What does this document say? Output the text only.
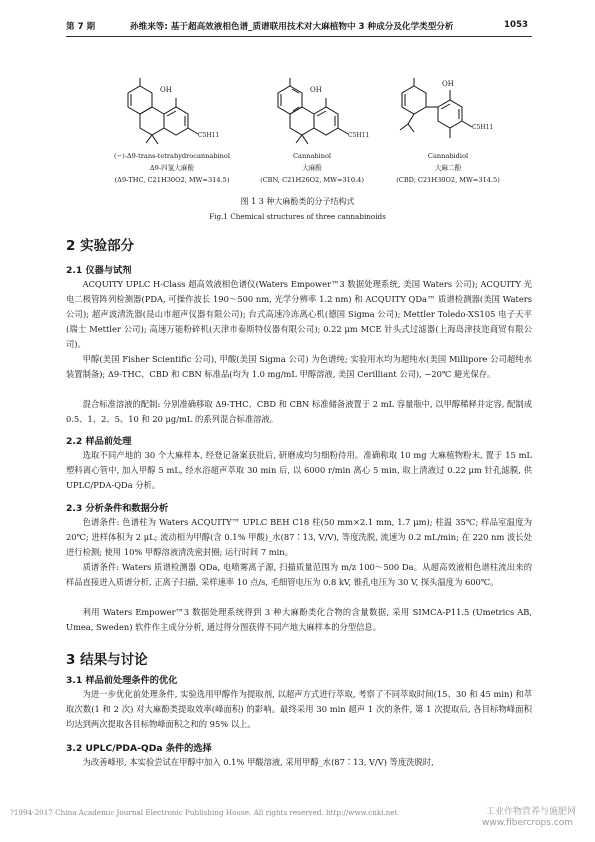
第 7 期	孙维来等: 基于超高效液相色谱_质谱联用技术对大麻植物中 3 种成分及化学类型分析	1053
OH
C5H11
OH
C5H11
OH
C5H11
(−)-Δ9-trans-tetrahydrocannabinol
Δ9-四氢大麻酚
(Δ9-THC, C21H30O2, MW=314.5)
Cannabinol
大麻酚
(CBN, C21H26O2, MW=310.4)
Cannabidiol
大麻二酚
(CBD, C21H30O2, MW=314.5)
图 1 3 种大麻酚类的分子结构式
Fig.1 Chemical structures of three cannabinoids
2 实验部分
2.1 仪器与试剂

ACQUITY UPLC H-Class 超高效液相色谱仪(Waters Empower™3 数据处理系统, 美国 Waters 公司); ACQUITY 光电二极管阵列检测器(PDA, 可操作波长 190～500 nm, 光学分辨率 1.2 nm) 和 ACQUITY QDa™ 质谱检测器(美国 Waters 公司); 超声波清洗器(昆山市超声仪器有限公司); 台式高速冷冻离心机(德国 Sigma 公司); Mettler Toledo-XS105 电子天平(瑞士 Mettler 公司); 高速万能粉碎机(天津市泰斯特仪器有限公司); 0.22 μm MCE 针头式过滤器(上海岛津技迩商贸有限公司)。

甲醇(美国 Fisher Scientific 公司), 甲酸(美国 Sigma 公司) 为色谱纯; 实验用水均为超纯水(美国 Millipore 公司超纯水装置制备); Δ9-THC、CBD 和 CBN 标准品(均为 1.0 mg/mL 甲醇溶液, 美国 Cerilliant 公司), −20℃ 避光保存。

混合标准溶液的配制: 分别准确移取 Δ9-THC、CBD 和 CBN 标准储备液置于 2 mL 容量瓶中, 以甲醇稀释并定容, 配制成 0.5、1、2、5、10 和 20 μg/mL 的系列混合标准溶液。

2.2 样品前处理

选取不同产地的 30 个大麻样本, 经登记备案获批后, 研磨成均匀细粉待用。准确称取 10 mg 大麻植物粉末, 置于 15 mL 塑料离心管中, 加入甲醇 5 mL, 经水浴超声萃取 30 min 后, 以 6000 r/min 离心 5 min, 取上清液过 0.22 μm 针孔滤膜, 供 UPLC/PDA-QDa 分析。

2.3 分析条件和数据分析

色谱条件: 色谱柱为 Waters ACQUITY™ UPLC BEH C18 柱(50 mm×2.1 mm, 1.7 μm); 柱温 35℃; 样品室温度为 20℃; 进样体积为 2 μL; 流动相为甲醇(含 0.1% 甲酸)_水(87∶13, V/V), 等度洗脱, 流速为 0.2 mL/min; 在 220 nm 波长处进行检测; 使用 10% 甲醇溶液清洗密封圈; 运行时间 7 min。

质谱条件: Waters 质谱检测器 QDa, 电喷雾离子源, 扫描质量范围为 m/z 100～500 Da。从超高效液相色谱柱流出来的样品直接进入质谱分析, 正离子扫描, 采样速率 10 点/s, 毛细管电压为 0.8 kV, 锥孔电压为 30 V, 探头温度为 600℃。

利用 Waters Empower™3 数据处理系统得到 3 种大麻酚类化合物的含量数据, 采用 SIMCA-P11.5 (Umetrics AB, Umea, Sweden) 软件作主成分分析, 通过得分图获得不同产地大麻样本的分型信息。

3 结果与讨论
3.1 样品前处理条件的优化

为进一步优化前处理条件, 实验选用甲醇作为提取剂, 以超声方式进行萃取, 考察了不同萃取时间(15、30 和 45 min) 和萃取次数(1 和 2 次) 对大麻酚类提取效率(峰面积) 的影响。最终采用 30 min 超声 1 次的条件, 第 1 次提取后, 各目标物峰面积均达到两次提取各目标物峰面积之和的 95% 以上。

3.2 UPLC/PDA-QDa 条件的选择

为改善峰形, 本实验尝试在甲醇中加入 0.1% 甲酸溶液, 采用甲醇_水(87∶13, V/V) 等度洗脱时,

?1994-2017 China Academic Journal Electronic Publishing House. All rights reserved. http://www.cnki.net	工业作物营养与施肥网
www.fibercrops.com
